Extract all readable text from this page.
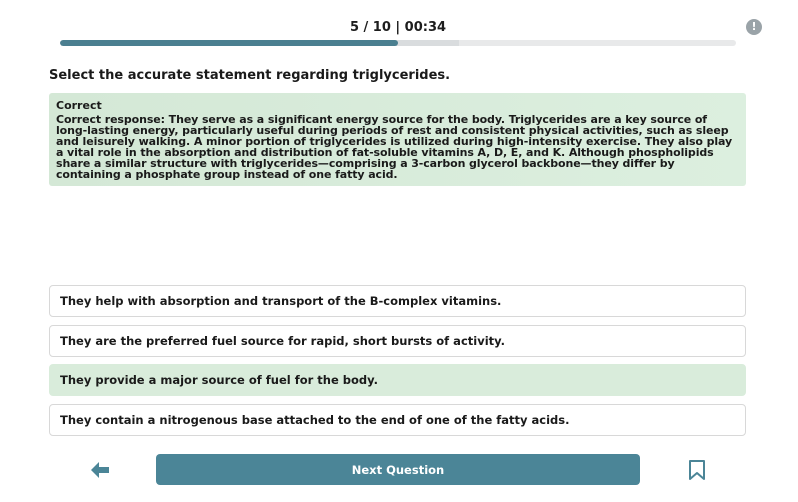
5 / 10 | 00:34	!
Select the accurate statement regarding triglycerides.
Correct
Correct response: They serve as a significant energy source for the body. Triglycerides are a key source of long-lasting energy, particularly useful during periods of rest and consistent physical activities, such as sleep and leisurely walking. A minor portion of triglycerides is utilized during high-intensity exercise. They also play a vital role in the absorption and distribution of fat-soluble vitamins A, D, E, and K. Although phospholipids share a similar structure with triglycerides—comprising a 3-carbon glycerol backbone—they differ by containing a phosphate group instead of one fatty acid.
They help with absorption and transport of the B-complex vitamins.
They are the preferred fuel source for rapid, short bursts of activity.
They provide a major source of fuel for the body.
They contain a nitrogenous base attached to the end of one of the fatty acids.
Next Question
